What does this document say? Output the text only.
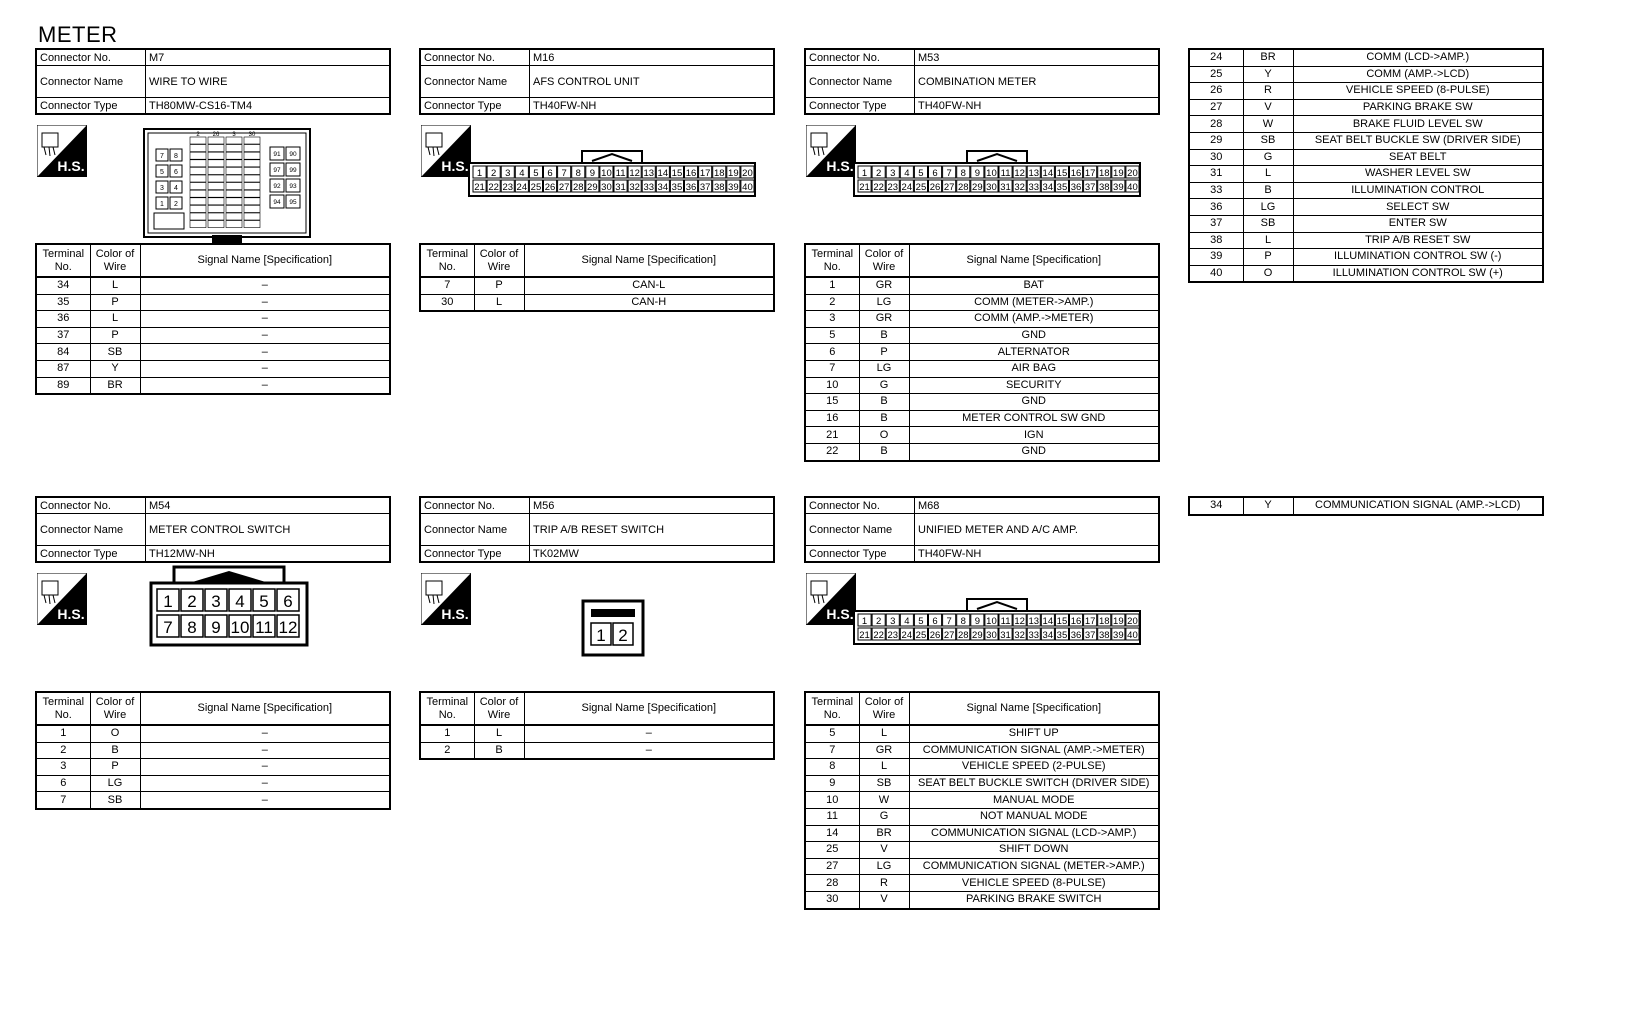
METER
Connector No.	M7
Connector Name	WIRE TO WIRE
Connector Type	TH80MW-CS16-TM4
H.S.
7 8
5 6
3 4
1 2
2 26 3 30
91 90
97 99
92 93
94 95
Terminal No.	Color of Wire	Signal Name [Specification]
34	L	–
35	P	–
36	L	–
37	P	–
84	SB	–
87	Y	–
89	BR	–
Connector No.	M16
Connector Name	AFS CONTROL UNIT
Connector Type	TH40FW-NH
H.S. 1 2 3 4 5 6 7 8 9 10 11 12 13 14 15 16 17 18 19 20
21 22 23 24 25 26 27 28 29 30 31 32 33 34 35 36 37 38 39 40
Terminal No.	Color of Wire	Signal Name [Specification]
7	P	CAN-L
30	L	CAN-H
Connector No.	M53
Connector Name	COMBINATION METER
Connector Type	TH40FW-NH
H.S. 1 2 3 4 5 6 7 8 9 10 11 12 13 14 15 16 17 18 19 20
21 22 23 24 25 26 27 28 29 30 31 32 33 34 35 36 37 38 39 40
Terminal No.	Color of Wire	Signal Name [Specification]
1	GR	BAT
2	LG	COMM (METER->AMP.)
3	GR	COMM (AMP.->METER)
5	B	GND
6	P	ALTERNATOR
7	LG	AIR BAG
10	G	SECURITY
15	B	GND
16	B	METER CONTROL SW GND
21	O	IGN
22	B	GND
Connector No.	M54
Connector Name	METER CONTROL SWITCH
Connector Type	TH12MW-NH
H.S.
1 2 3 4 5 6
7 8 9 10 11 12
Terminal No.	Color of Wire	Signal Name [Specification]
1	O	–
2	B	–
3	P	–
6	LG	–
7	SB	–
Connector No.	M56
Connector Name	TRIP A/B RESET SWITCH
Connector Type	TK02MW
H.S.
1 2
Terminal No.	Color of Wire	Signal Name [Specification]
1	L	–
2	B	–
Connector No.	M68
Connector Name	UNIFIED METER AND A/C AMP.
Connector Type	TH40FW-NH
H.S. 1 2 3 4 5 6 7 8 9 10 11 12 13 14 15 16 17 18 19 20
21 22 23 24 25 26 27 28 29 30 31 32 33 34 35 36 37 38 39 40
Terminal No.	Color of Wire	Signal Name [Specification]
5	L	SHIFT UP
7	GR	COMMUNICATION SIGNAL (AMP.->METER)
8	L	VEHICLE SPEED (2-PULSE)
9	SB	SEAT BELT BUCKLE SWITCH (DRIVER SIDE)
10	W	MANUAL MODE
11	G	NOT MANUAL MODE
14	BR	COMMUNICATION SIGNAL (LCD->AMP.)
25	V	SHIFT DOWN
27	LG	COMMUNICATION SIGNAL (METER->AMP.)
28	R	VEHICLE SPEED (8-PULSE)
30	V	PARKING BRAKE SWITCH
24	BR	COMM (LCD->AMP.)
25	Y	COMM (AMP.->LCD)
26	R	VEHICLE SPEED (8-PULSE)
27	V	PARKING BRAKE SW
28	W	BRAKE FLUID LEVEL SW
29	SB	SEAT BELT BUCKLE SW (DRIVER SIDE)
30	G	SEAT BELT
31	L	WASHER LEVEL SW
33	B	ILLUMINATION CONTROL
36	LG	SELECT SW
37	SB	ENTER SW
38	L	TRIP A/B RESET SW
39	P	ILLUMINATION CONTROL SW (-)
40	O	ILLUMINATION CONTROL SW (+)
34	Y	COMMUNICATION SIGNAL (AMP.->LCD)
